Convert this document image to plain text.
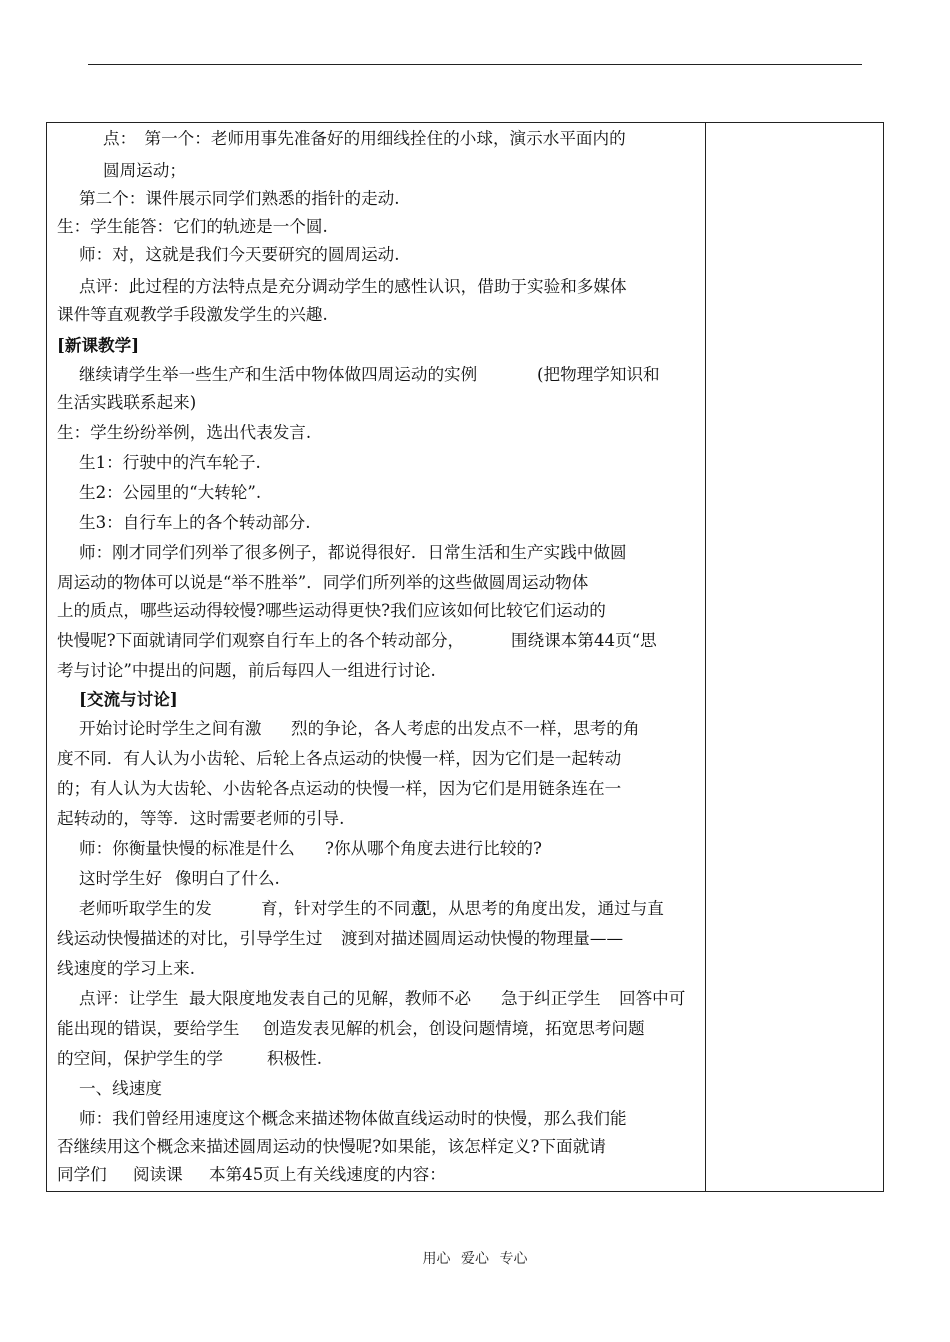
点：　第一个：老师用事先准备好的用细线拴住的小球，演示水平面内的
圆周运动；
第二个：课件展示同学们熟悉的指针的走动.
生：学生能答：它们的轨迹是一个圆.
师：对，这就是我们今天要研究的圆周运动.
点评：此过程的方法特点是充分调动学生的感性认识，借助于实验和多媒体
课件等直观教学手段激发学生的兴趣.
[新课教学]
继续请学生举一些生产和生活中物体做四周运动的实例	(把物理学知识和
生活实践联系起来)
生：学生纷纷举例，选出代表发言.
生1：行驶中的汽车轮子.
生2：公园里的“大转轮”.
生3：自行车上的各个转动部分.
师：刚才同学们列举了很多例子，都说得很好．日常生活和生产实践中做圆
周运动的物体可以说是“举不胜举”．同学们所列举的这些做圆周运动物体
上的质点，哪些运动得较慢?哪些运动得更快?我们应该如何比较它们运动的
快慢呢?下面就请同学们观察自行车上的各个转动部分，	围绕课本第44页“思
考与讨论”中提出的问题，前后每四人一组进行讨论.
[交流与讨论]
开始讨论时学生之间有激 烈的争论，各人考虑的出发点不一样，思考的角
度不同．有人认为小齿轮、后轮上各点运动的快慢一样，因为它们是一起转动
的；有人认为大齿轮、小齿轮各点运动的快慢一样，因为它们是用链条连在一
起转动的，等等．这时需要老师的引导.
师：你衡量快慢的标准是什么 ?你从哪个角度去进行比较的?
这时学生好 像明白了什么.
老师听取学生的发	育，针对学生的不同意
见，从思考的角度出发，通过与直
线运动快慢描述的对比，引导学生过 渡到对描述圆周运动快慢的物理量——
线速度的学习上来.
点评：让学生 最大限度地发表自己的见解，教师不必 急于纠正学生 回答中可
能出现的错误，要给学生 创造发表见解的机会，创设问题情境，拓宽思考问题
的空间，保护学生的学	积极性.
一、线速度
师：我们曾经用速度这个概念来描述物体做直线运动时的快慢，那么我们能
否继续用这个概念来描述圆周运动的快慢呢?如果能，该怎样定义?下面就请
同学们 阅读课 本第45页上有关线速度的内容：
用心 爱心 专心
